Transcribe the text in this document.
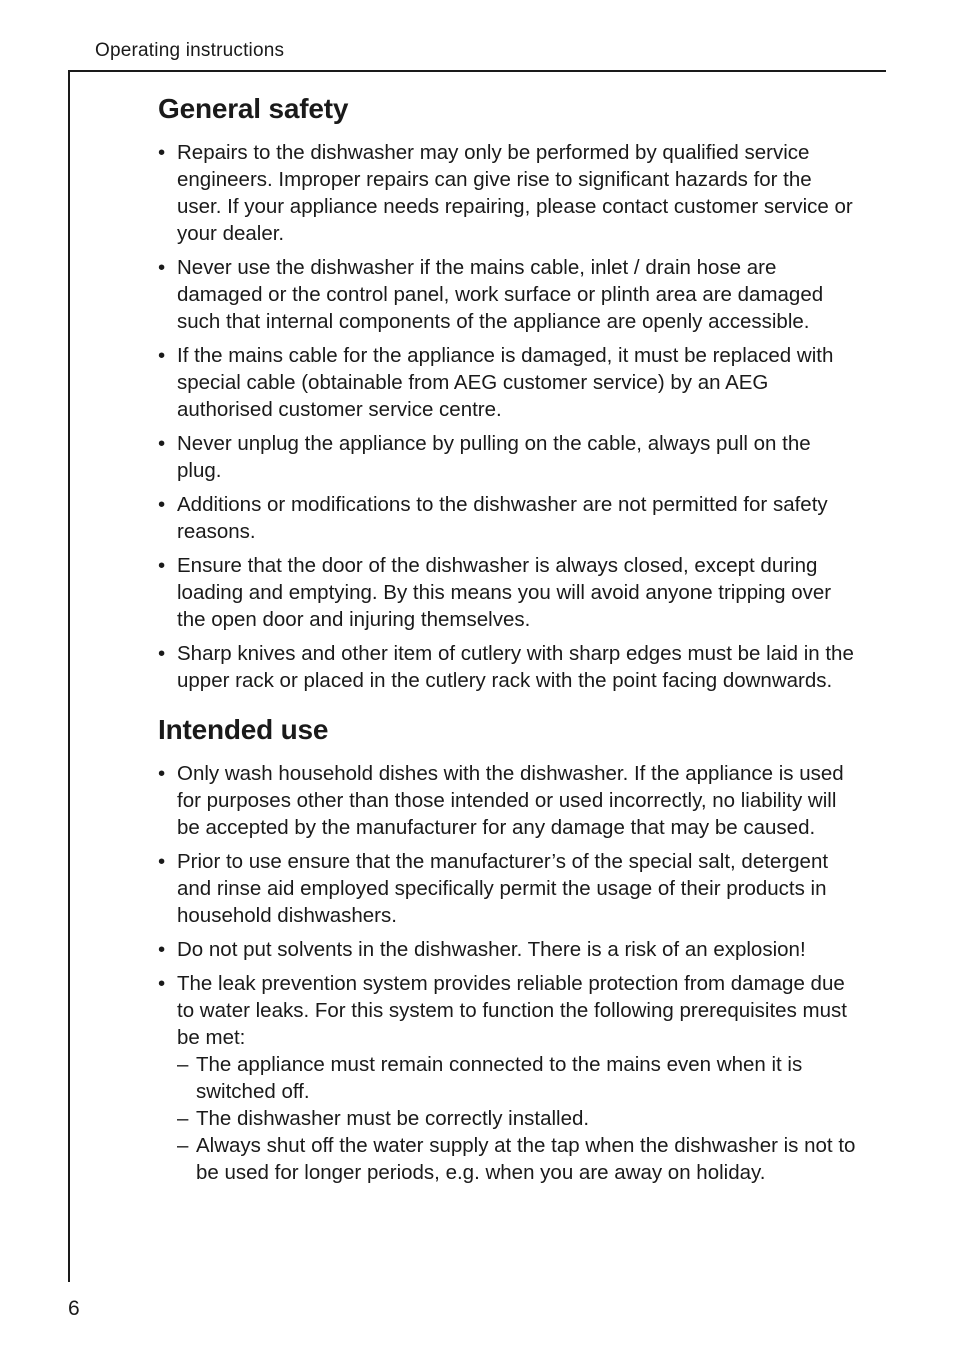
Operating instructions
General safety
• Repairs to the dishwasher may only be performed by qualified service engineers. Improper repairs can give rise to significant hazards for the user. If your appliance needs repairing, please contact customer service or your dealer.
• Never use the dishwasher if the mains cable, inlet / drain hose are damaged or the control panel, work surface or plinth area are damaged such that internal components of the appliance are openly accessible.
• If the mains cable for the appliance is damaged, it must be replaced with special cable (obtainable from AEG customer service) by an AEG authorised customer service centre.
• Never unplug the appliance by pulling on the cable, always pull on the plug.
• Additions or modifications to the dishwasher are not permitted for safety reasons.
• Ensure that the door of the dishwasher is always closed, except during loading and emptying. By this means you will avoid anyone tripping over the open door and injuring themselves.
• Sharp knives and other item of cutlery with sharp edges must be laid in the upper rack or placed in the cutlery rack with the point facing downwards.
Intended use
• Only wash household dishes with the dishwasher. If the appliance is used for purposes other than those intended or used incorrectly, no liability will be accepted by the manufacturer for any damage that may be caused.
• Prior to use ensure that the manufacturer’s of the special salt, detergent and rinse aid employed specifically permit the usage of their products in household dishwashers.
• Do not put solvents in the dishwasher. There is a risk of an explosion!
• The leak prevention system provides reliable protection from damage due to water leaks. For this system to function the following prerequisites must be met:
– The appliance must remain connected to the mains even when it is switched off.
– The dishwasher must be correctly installed.
– Always shut off the water supply at the tap when the dishwasher is not to be used for longer periods, e.g. when you are away on holiday.
6
